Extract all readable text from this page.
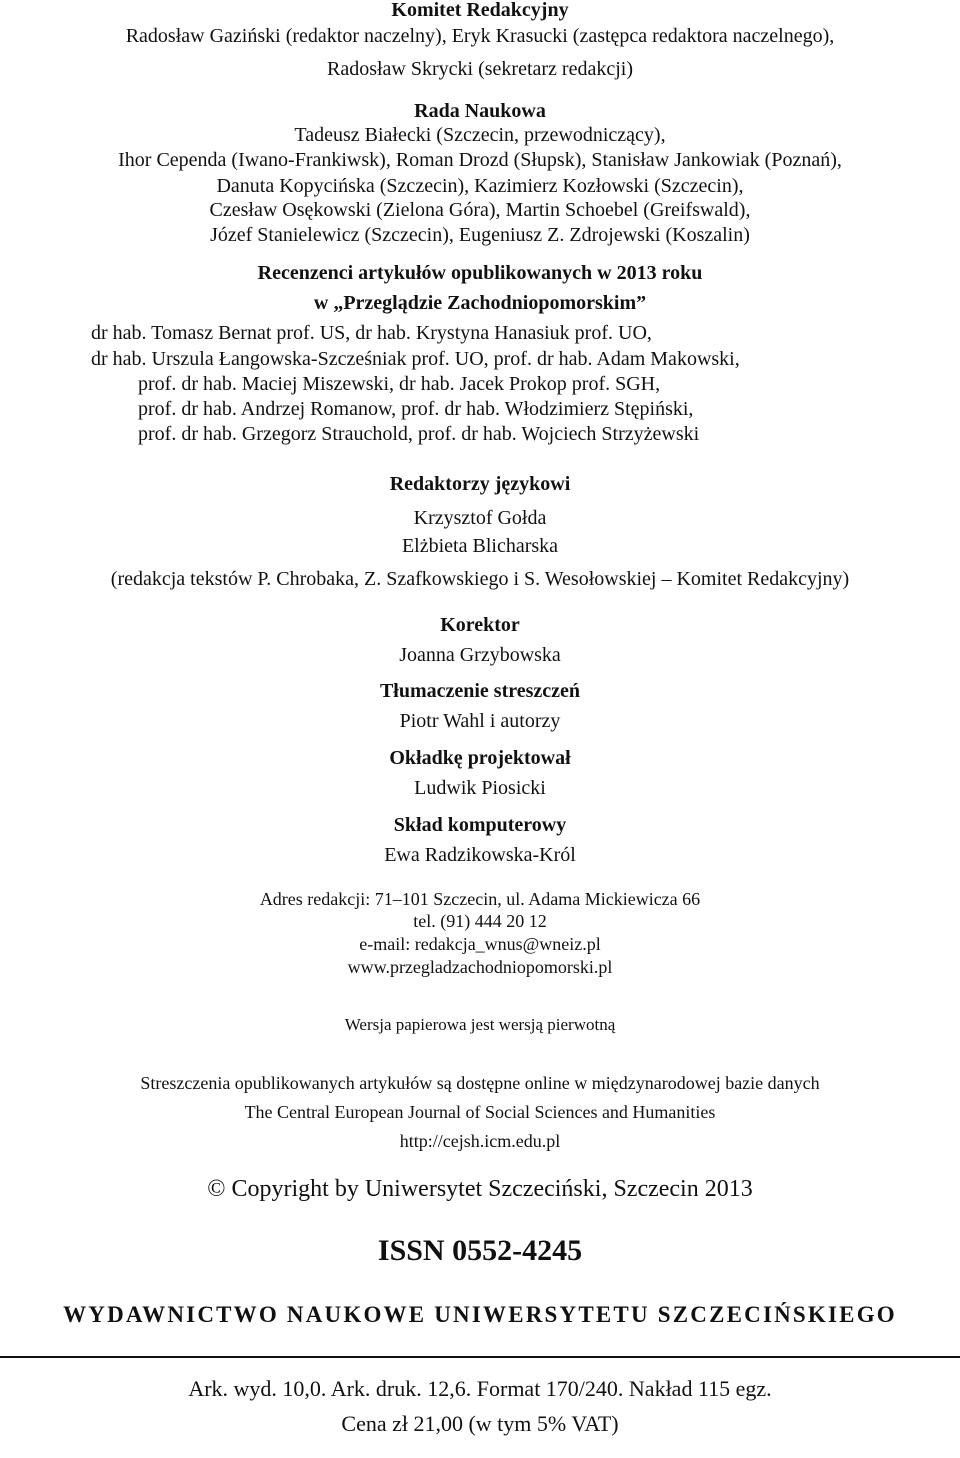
Komitet Redakcyjny
Radosław Gaziński (redaktor naczelny), Eryk Krasucki (zastępca redaktora naczelnego),
Radosław Skrycki (sekretarz redakcji)
Rada Naukowa
Tadeusz Białecki (Szczecin, przewodniczący),
Ihor Cependa (Iwano-Frankiwsk), Roman Drozd (Słupsk), Stanisław Jankowiak (Poznań),
Danuta Kopycińska (Szczecin), Kazimierz Kozłowski (Szczecin),
Czesław Osękowski (Zielona Góra), Martin Schoebel (Greifswald),
Józef Stanielewicz (Szczecin), Eugeniusz Z. Zdrojewski (Koszalin)
Recenzenci artykułów opublikowanych w 2013 roku
w „Przeglądzie Zachodniopomorskim”
dr hab. Tomasz Bernat prof. US, dr hab. Krystyna Hanasiuk prof. UO,
dr hab. Urszula Łangowska-Szcześniak prof. UO, prof. dr hab. Adam Makowski,
prof. dr hab. Maciej Miszewski, dr hab. Jacek Prokop prof. SGH,
prof. dr hab. Andrzej Romanow, prof. dr hab. Włodzimierz Stępiński,
prof. dr hab. Grzegorz Strauchold, prof. dr hab. Wojciech Strzyżewski
Redaktorzy językowi
Krzysztof Gołda
Elżbieta Blicharska
(redakcja tekstów P. Chrobaka, Z. Szafkowskiego i S. Wesołowskiej – Komitet Redakcyjny)
Korektor
Joanna Grzybowska
Tłumaczenie streszczeń
Piotr Wahl i autorzy
Okładkę projektował
Ludwik Piosicki
Skład komputerowy
Ewa Radzikowska-Król
Adres redakcji: 71–101 Szczecin, ul. Adama Mickiewicza 66
tel. (91) 444 20 12
e-mail: redakcja_wnus@wneiz.pl
www.przegladzachodniopomorski.pl
Wersja papierowa jest wersją pierwotną
Streszczenia opublikowanych artykułów są dostępne online w międzynarodowej bazie danych
The Central European Journal of Social Sciences and Humanities
http://cejsh.icm.edu.pl
© Copyright by Uniwersytet Szczeciński, Szczecin 2013
ISSN 0552-4245
WYDAWNICTWO NAUKOWE UNIWERSYTETU SZCZECIŃSKIEGO
Ark. wyd. 10,0. Ark. druk. 12,6. Format 170/240. Nakład 115 egz.
Cena zł 21,00 (w tym 5% VAT)
